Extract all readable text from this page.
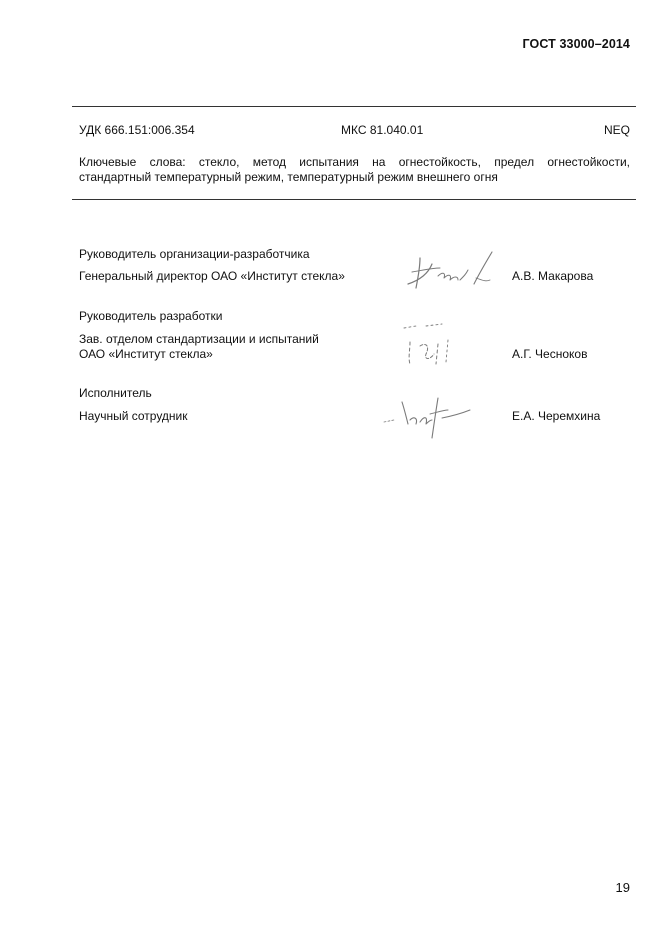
ГОСТ 33000–2014
УДК 666.151:006.354	МКС 81.040.01	NEQ
Ключевые слова: стекло, метод испытания на огнестойкость, предел огнестойкости,
стандартный температурный режим, температурный режим внешнего огня
Руководитель организации-разработчика
Генеральный директор ОАО «Институт стекла»	А.В. Макарова
Руководитель разработки
Зав. отделом стандартизации и испытаний
ОАО «Институт стекла»	А.Г. Чесноков
Исполнитель
Научный сотрудник	Е.А. Черемхина
19
